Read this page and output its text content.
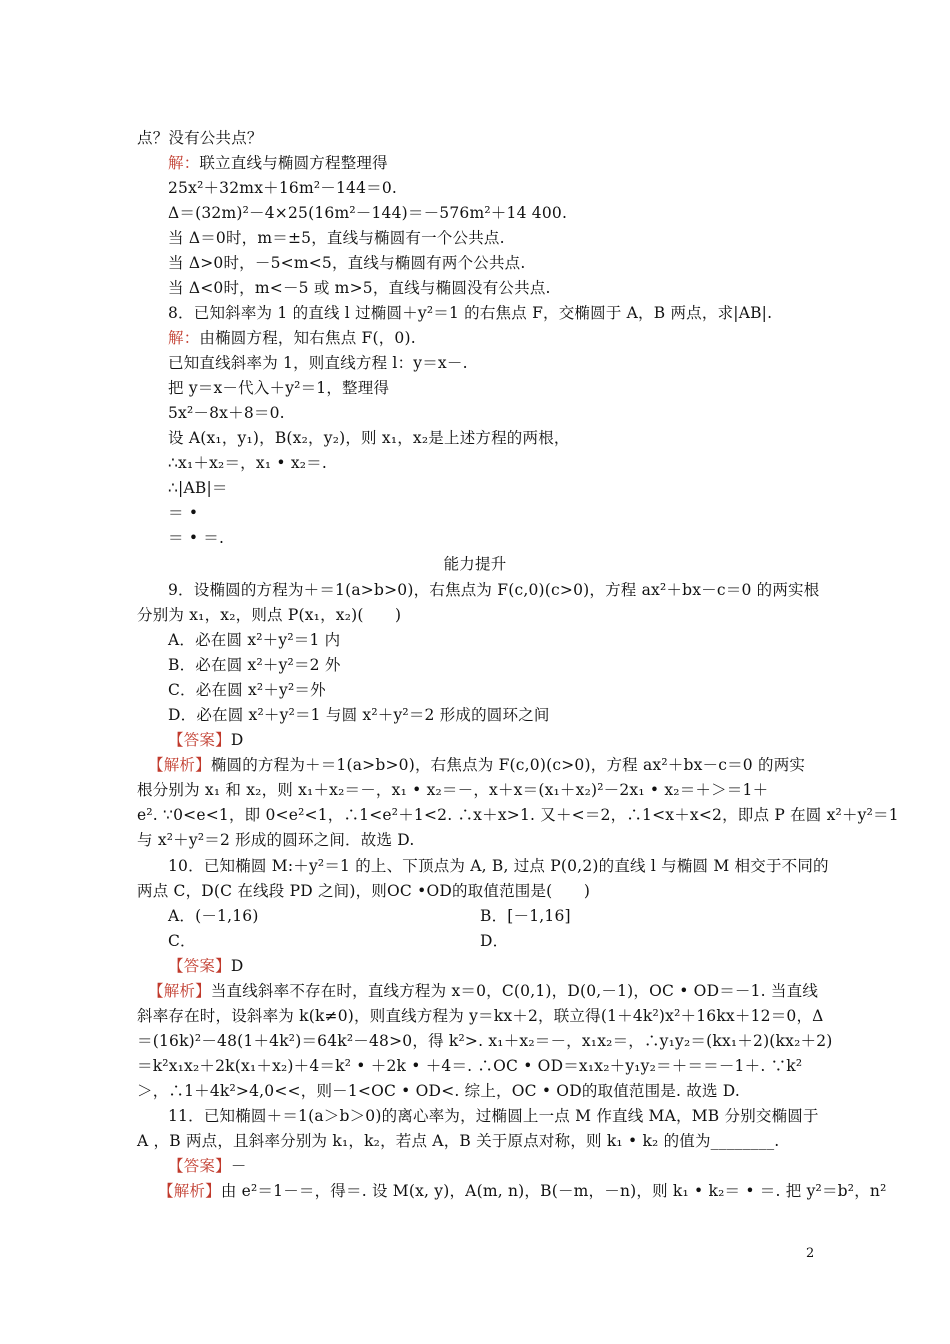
点？没有公共点？
解：联立直线与椭圆方程整理得
25x²＋32mx＋16m²－144＝0.
Δ＝(32m)²－4×25(16m²－144)＝－576m²＋14 400.
当 Δ＝0时，m＝±5，直线与椭圆有一个公共点.
当 Δ>0时，－5<m<5，直线与椭圆有两个公共点.
当 Δ<0时，m<－5 或 m>5，直线与椭圆没有公共点.
8．已知斜率为 1 的直线 l 过椭圆＋y²＝1 的右焦点 F，交椭圆于 A，B 两点，求|AB|.
解：由椭圆方程，知右焦点 F(，0).
已知直线斜率为 1，则直线方程 l：y＝x－.
把 y＝x－代入＋y²＝1，整理得
5x²－8x＋8＝0.
设 A(x₁，y₁)，B(x₂，y₂)，则 x₁，x₂是上述方程的两根，
∴x₁＋x₂＝，x₁ • x₂＝.
∴|AB|＝
＝ •
＝ • ＝.
能力提升
9．设椭圆的方程为＋＝1(a>b>0)，右焦点为 F(c,0)(c>0)，方程 ax²＋bx－c＝0 的两实根
分别为 x₁，x₂，则点 P(x₁，x₂)(　　)
A．必在圆 x²＋y²＝1 内
B．必在圆 x²＋y²＝2 外
C．必在圆 x²＋y²＝外
D．必在圆 x²＋y²＝1 与圆 x²＋y²＝2 形成的圆环之间
【答案】D
【解析】椭圆的方程为＋＝1(a>b>0)，右焦点为 F(c,0)(c>0)，方程 ax²＋bx－c＝0 的两实
根分别为 x₁ 和 x₂，则 x₁＋x₂＝－，x₁ • x₂＝－，x＋x＝(x₁＋x₂)²－2x₁ • x₂＝＋＞＝1＋
e². ∵0<e<1，即 0<e²<1，∴1<e²＋1<2. ∴x＋x>1. 又＋<＝2，∴1<x＋x<2，即点 P 在圆 x²＋y²＝1
与 x²＋y²＝2 形成的圆环之间．故选 D.
10．已知椭圆 M:＋y²＝1 的上、下顶点为 A, B, 过点 P(0,2)的直线 l 与椭圆 M 相交于不同的
两点 C，D(C 在线段 PD 之间)，则OC •OD的取值范围是(　　)
A．(－1,16)	B．[－1,16]
C．	D．
【答案】D
【解析】当直线斜率不存在时，直线方程为 x＝0，C(0,1)，D(0,－1)，OC • OD＝－1. 当直线
斜率存在时，设斜率为 k(k≠0)，则直线方程为 y＝kx＋2，联立得(1＋4k²)x²＋16kx＋12＝0，Δ
＝(16k)²－48(1＋4k²)＝64k²－48>0，得 k²>. x₁＋x₂＝－，x₁x₂＝，∴y₁y₂＝(kx₁＋2)(kx₂＋2)
＝k²x₁x₂＋2k(x₁＋x₂)＋4＝k² • ＋2k • ＋4＝. ∴OC • OD＝x₁x₂＋y₁y₂＝＋＝＝－1＋. ∵k²
＞，∴1＋4k²>4,0<<，则－1<OC • OD<. 综上，OC • OD的取值范围是. 故选 D.
11．已知椭圆＋＝1(a＞b＞0)的离心率为，过椭圆上一点 M 作直线 MA，MB 分别交椭圆于
A ，B 两点，且斜率分别为 k₁，k₂，若点 A，B 关于原点对称，则 k₁ • k₂ 的值为________.
【答案】－
【解析】由 e²＝1－＝，得＝. 设 M(x, y)，A(m, n)，B(－m，－n)，则 k₁ • k₂＝ • ＝. 把 y²＝b²，n²
2
